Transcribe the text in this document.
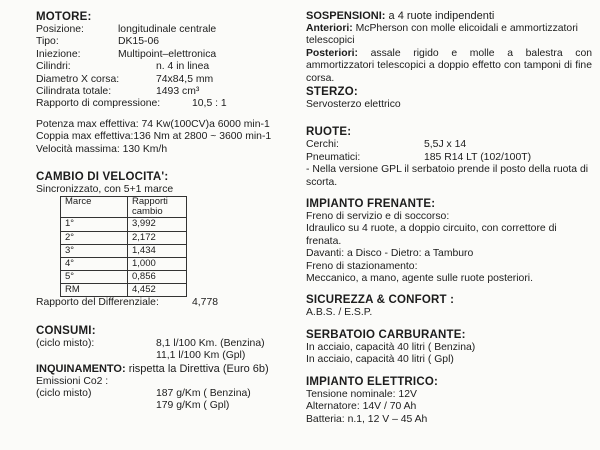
MOTORE:

Posizione:	longitudinale centrale
Tipo:	DK15-06
Iniezione:	Multipoint–elettronica
Cilindri:	n. 4 in linea
Diametro X corsa:	74x84,5 mm
Cilindrata totale:	1493 cm³
Rapporto di compressione:	10,5 : 1

Potenza max effettiva: 74 Kw(100CV)a 6000 min-1

Coppia max effettiva:136 Nm at 2800 ~ 3600 min-1

Velocità massima: 130 Km/h

CAMBIO DI VELOCITA':

Sincronizzato, con 5+1 marce

Marce	Rapporti cambio
1°	3,992
2°	2,172
3°	1,434
4°	1,000
5°	0,856
RM	4,452
Rapporto del Differenziale:	4,778

CONSUMI:

(ciclo misto):	8,1 l/100 Km. (Benzina)
11,1 l/100 Km (Gpl)

INQUINAMENTO: rispetta la Direttiva (Euro 6b)

Emissioni Co2 :

(ciclo misto)	187 g/Km ( Benzina)
179 g/Km ( Gpl)

SOSPENSIONI: a 4 ruote indipendenti

Anteriori: McPherson con molle elicoidali e ammortizzatori telescopici

Posteriori: assale rigido e molle a balestra con ammortizzatori telescopici a doppio effetto con tamponi di fine corsa.

STERZO:

Servosterzo elettrico

RUOTE:

Cerchi:	5,5J x 14
Pneumatici:	185 R14 LT (102/100T)

- Nella versione GPL il serbatoio prende il posto della ruota di scorta.

IMPIANTO FRENANTE:

Freno di servizio e di soccorso:

Idraulico su 4 ruote, a doppio circuito, con correttore di frenata.

Davanti: a Disco - Dietro: a Tamburo

Freno di stazionamento:

Meccanico, a mano, agente sulle ruote posteriori.

SICUREZZA & CONFORT :

A.B.S. / E.S.P.

SERBATOIO CARBURANTE:

In acciaio, capacità 40 litri ( Benzina)

In acciaio, capacità 40 litri ( Gpl)

IMPIANTO ELETTRICO:

Tensione nominale: 12V

Alternatore: 14V / 70 Ah

Batteria: n.1, 12 V – 45 Ah
